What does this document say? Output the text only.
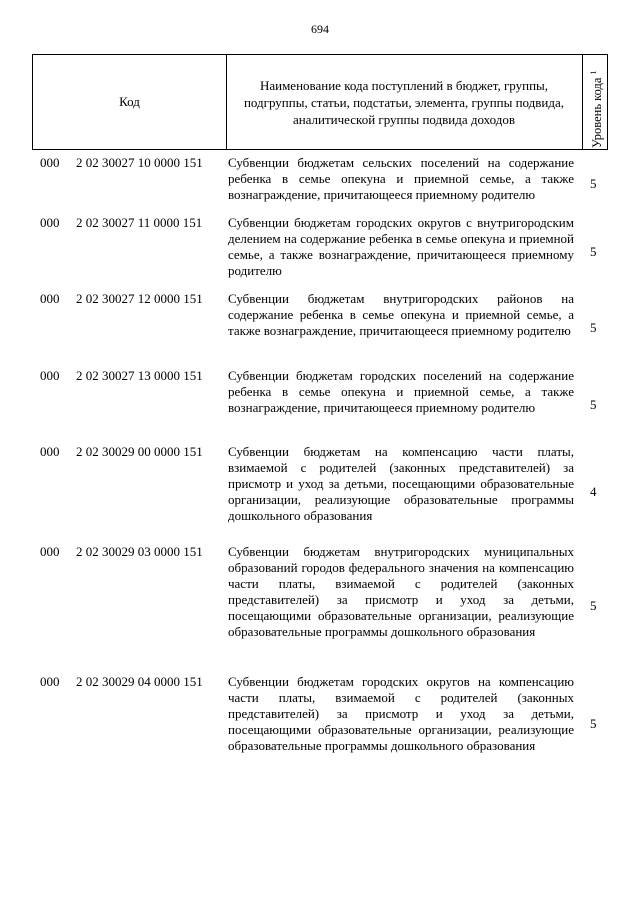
694
Код
Наименование кода поступлений в бюджет, группы, подгруппы, статьи, подстатьи, элемента, группы подвида, аналитической группы подвида доходов	Уровень кода $^1$
000 2 02 30027 10 0000 151 Субвенции бюджетам сельских поселений на содержание ребенка в семье опекуна и приемной семье, а также вознаграждение, причитающееся приемному родителю
5
000 2 02 30027 11 0000 151 Субвенции бюджетам городских округов с внутригородским делением на содержание ребенка в семье опекуна и приемной семье, а также вознаграждение, причитающееся приемному родителю
5
000 2 02 30027 12 0000 151 Субвенции бюджетам внутригородских районов на содержание ребенка в семье опекуна и приемной семье, а также вознаграждение, причитающееся приемному родителю 5
000 2 02 30027 13 0000 151 Субвенции бюджетам городских поселений на содержание ребенка в семье опекуна и приемной семье, а также вознаграждение, причитающееся приемному родителю	5
000 2 02 30029 00 0000 151 Субвенции бюджетам на компенсацию части платы, взимаемой с родителей (законных представителей) за присмотр и уход за детьми, посещающими образовательные организации, реализующие образовательные программы дошкольного образования
4
000 2 02 30029 03 0000 151 Субвенции бюджетам внутригородских муниципальных образований городов федерального значения на компенсацию части платы, взимаемой с родителей (законных представителей) за присмотр и уход за детьми, посещающими образовательные организации, реализующие образовательные программы дошкольного образования
5
000 2 02 30029 04 0000 151 Субвенции бюджетам городских округов на компенсацию части платы, взимаемой с родителей (законных представителей) за присмотр и уход за детьми, посещающими образовательные организации, реализующие образовательные программы дошкольного образования
5
